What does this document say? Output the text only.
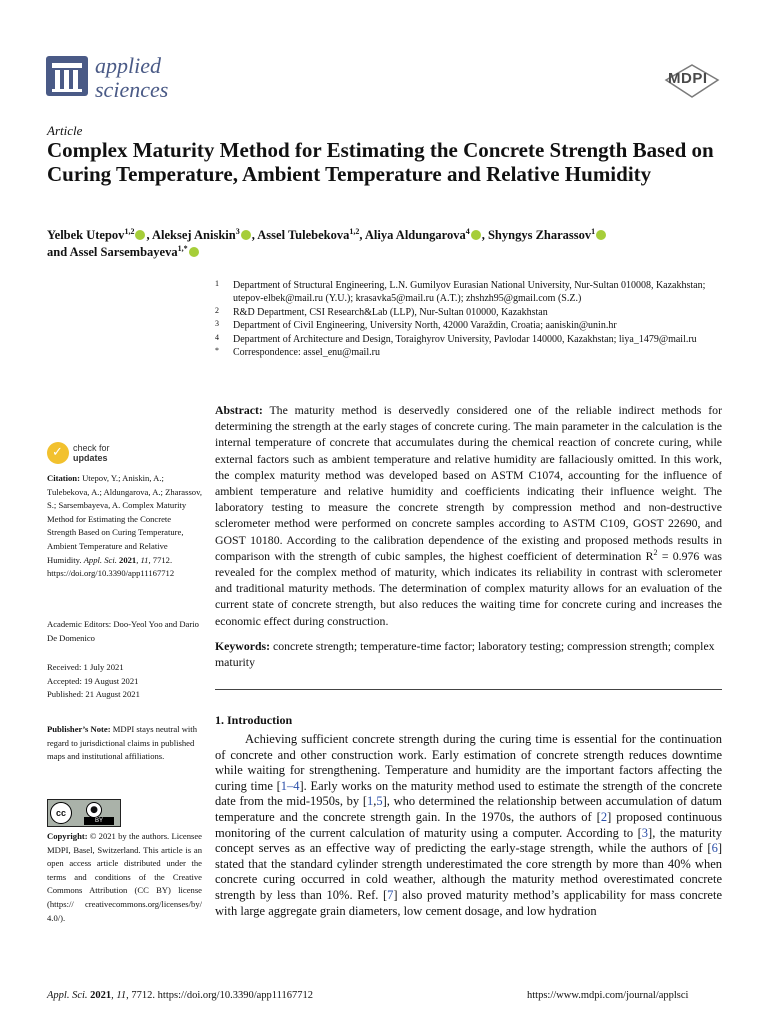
applied
sciences	MDPI
Article
Complex Maturity Method for Estimating the Concrete Strength Based on Curing Temperature, Ambient Temperature and Relative Humidity
Yelbek Utepov$^{1,2}$ , Aleksej Aniskin$^3$ , Assel Tulebekova$^{1,2}$, Aliya Aldungarova$^4$ , Shyngys Zharassov$^1$
and Assel Sarsembayeva$^{1,*}$
1 Department of Structural Engineering, L.N. Gumilyov Eurasian National University, Nur-Sultan 010008, Kazakhstan; utepov-elbek@mail.ru (Y.U.); krasavka5@mail.ru (A.T.); zhshzh95@gmail.com (S.Z.)
2 R&D Department, CSI Research&Lab (LLP), Nur-Sultan 010000, Kazakhstan
3 Department of Civil Engineering, University North, 42000 Varaždin, Croatia; aaniskin@unin.hr
4 Department of Architecture and Design, Toraighyrov University, Pavlodar 140000, Kazakhstan; liya_1479@mail.ru
* Correspondence: assel_enu@mail.ru
Abstract: The maturity method is deservedly considered one of the reliable indirect methods for determining the strength at the early stages of concrete curing. The main parameter in the calculation is the internal temperature of concrete that accumulates during the chemical reaction of concrete curing, while external factors such as ambient temperature and relative humidity are fallaciously omitted. In this work, the complex maturity method was developed based on ASTM C1074, accounting for the influence of ambient temperature and relative humidity and coefficients indicating their influence weight. The laboratory testing to measure the concrete strength by compression method and non-destructive sclerometer method were performed on concrete samples according to ASTM C109, GOST 22690, and GOST 10180. According to the calibration dependence of the existing and proposed methods results in comparison with the strength of cubic samples, the highest coefficient of determination $R^2 = 0.976$ was revealed for the complex method of maturity, which indicates its reliability in contrast with sclerometer and traditional maturity methods. The determination of complex maturity allows for an evaluation of the current state of concrete strength, but also reduces the waiting time for concrete curing and increases the economic effect during construction.
Keywords: concrete strength; temperature-time factor; laboratory testing; compression strength; complex maturity
1. Introduction
Achieving sufficient concrete strength during the curing time is essential for the continuation of concrete and other construction work. Early estimation of concrete strength reduces downtime while waiting for strengthening. Temperature and humidity are the important factors affecting the curing time [1–4]. Early works on the maturity method used to estimate the strength of the concrete date from the mid-1950s, by [1,5], who determined the relationship between accumulation of datum temperature and the concrete strength gain. In the 1970s, the authors of [2] proposed continuous monitoring of the current calculation of maturity using a computer. According to [3], the maturity concept serves as an effective way of predicting the early-stage strength, while the authors of [6] stated that the standard cylinder strength underestimated the core strength by more than 40% when concrete curing occurred in cold weather, although the maturity method overestimated concrete strength by less than 10%. Ref. [7] also proved maturity method’s applicability for mass concrete with large aggregate grain diameters, low cement dosage, and low hydration
✓ check for
updates
Citation: Utepov, Y.; Aniskin, A.; Tulebekova, A.; Aldungarova, A.; Zharassov, S.; Sarsembayeva, A. Complex Maturity Method for Estimating the Concrete Strength Based on Curing Temperature, Ambient Temperature and Relative Humidity. Appl. Sci. 2021, 11, 7712. https://doi.org/10.3390/app11167712
Academic Editors: Doo-Yeol Yoo and Dario De Domenico
Received: 1 July 2021
Accepted: 19 August 2021
Published: 21 August 2021
Publisher’s Note: MDPI stays neutral with regard to jurisdictional claims in published maps and institutional affiliations.
cc	●
BY
Copyright: © 2021 by the authors. Licensee MDPI, Basel, Switzerland. This article is an open access article distributed under the terms and conditions of the Creative Commons Attribution (CC BY) license (https:// creativecommons.org/licenses/by/ 4.0/).
Appl. Sci. 2021, 11, 7712. https://doi.org/10.3390/app11167712	https://www.mdpi.com/journal/applsci
